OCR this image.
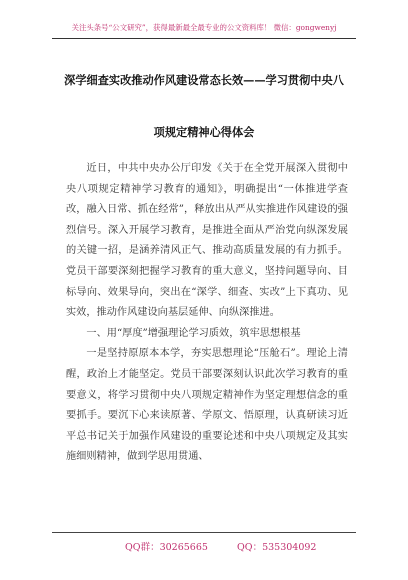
关注头条号“公文研究”，获得最新最全最专业的公文资料库！ 微信：gongwenyj
深学细查实改推动作风建设常态长效——学习贯彻中央八
项规定精神心得体会

近日，中共中央办公厅印发《关于在全党开展深入贯彻中央八项规定精神学习教育的通知》，明确提出“一体推进学查改，融入日常、抓在经常”，释放出从严从实推进作风建设的强烈信号。深入开展学习教育，是推进全面从严治党向纵深发展的关键一招，是涵养清风正气、推动高质量发展的有力抓手。党员干部要深刻把握学习教育的重大意义，坚持问题导向、目标导向、效果导向，突出在“深学、细查、实改”上下真功、见实效，推动作风建设向基层延伸、向纵深推进。

一、用“厚度”增强理论学习质效，筑牢思想根基

一是坚持原原本本学，夯实思想理论“压舱石”。理论上清醒，政治上才能坚定。党员干部要深刻认识此次学习教育的重要意义，将学习贯彻中央八项规定精神作为坚定理想信念的重要抓手。要沉下心来读原著、学原文、悟原理，认真研读习近平总书记关于加强作风建设的重要论述和中央八项规定及其实施细则精神，做到学思用贯通、

QQ群：30265665	QQ：535304092
